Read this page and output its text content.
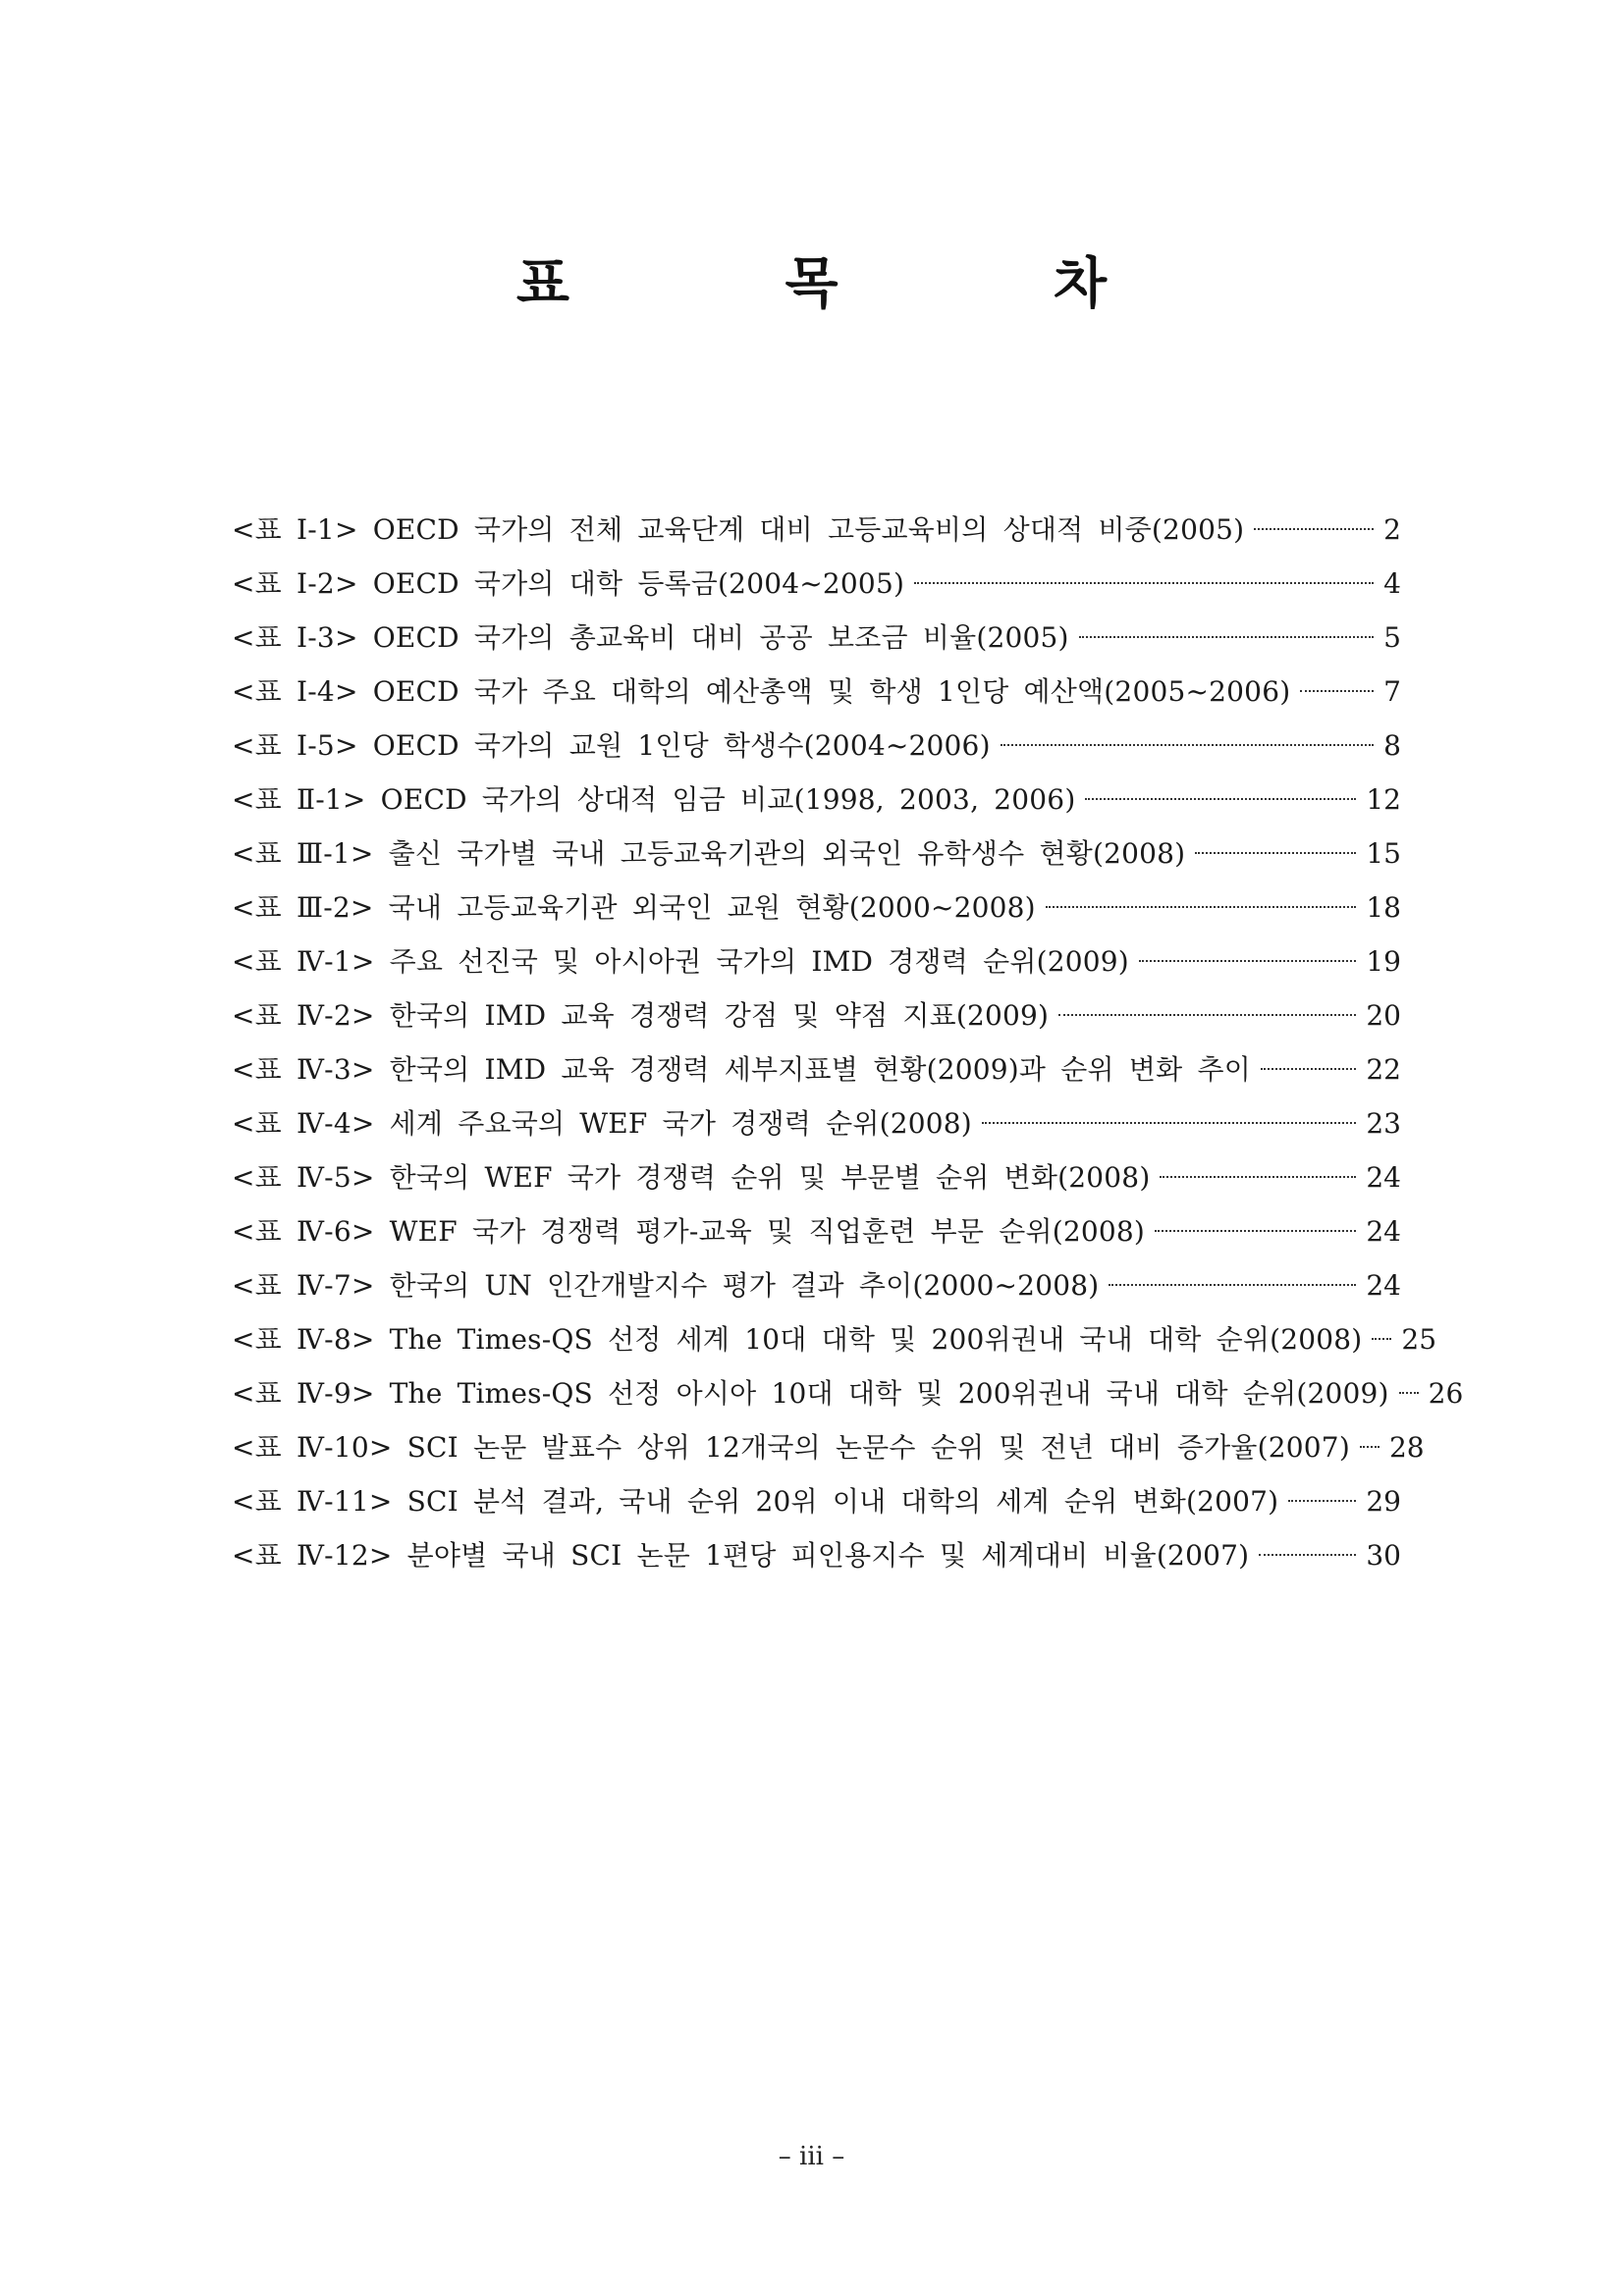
표 목 차
<표 Ⅰ-1> OECD 국가의 전체 교육단계 대비 고등교육비의 상대적 비중(2005)	2
<표 Ⅰ-2> OECD 국가의 대학 등록금(2004~2005)	4
<표 Ⅰ-3> OECD 국가의 총교육비 대비 공공 보조금 비율(2005)	5
<표 Ⅰ-4> OECD 국가 주요 대학의 예산총액 및 학생 1인당 예산액(2005~2006)	7
<표 Ⅰ-5> OECD 국가의 교원 1인당 학생수(2004~2006)	8
<표 Ⅱ-1> OECD 국가의 상대적 임금 비교(1998, 2003, 2006)	12
<표 Ⅲ-1> 출신 국가별 국내 고등교육기관의 외국인 유학생수 현황(2008)	15
<표 Ⅲ-2> 국내 고등교육기관 외국인 교원 현황(2000~2008)	18
<표 Ⅳ-1> 주요 선진국 및 아시아권 국가의 IMD 경쟁력 순위(2009)	19
<표 Ⅳ-2> 한국의 IMD 교육 경쟁력 강점 및 약점 지표(2009)	20
<표 Ⅳ-3> 한국의 IMD 교육 경쟁력 세부지표별 현황(2009)과 순위 변화 추이	22
<표 Ⅳ-4> 세계 주요국의 WEF 국가 경쟁력 순위(2008)	23
<표 Ⅳ-5> 한국의 WEF 국가 경쟁력 순위 및 부문별 순위 변화(2008)	24
<표 Ⅳ-6> WEF 국가 경쟁력 평가-교육 및 직업훈련 부문 순위(2008)	24
<표 Ⅳ-7> 한국의 UN 인간개발지수 평가 결과 추이(2000~2008)	24
<표 Ⅳ-8> The Times-QS 선정 세계 10대 대학 및 200위권내 국내 대학 순위(2008) 25
<표 Ⅳ-9> The Times-QS 선정 아시아 10대 대학 및 200위권내 국내 대학 순위(2009) 26
<표 Ⅳ-10> SCI 논문 발표수 상위 12개국의 논문수 순위 및 전년 대비 증가율(2007) 28
<표 Ⅳ-11> SCI 분석 결과, 국내 순위 20위 이내 대학의 세계 순위 변화(2007)	29
<표 Ⅳ-12> 분야별 국내 SCI 논문 1편당 피인용지수 및 세계대비 비율(2007)	30
– iii –
